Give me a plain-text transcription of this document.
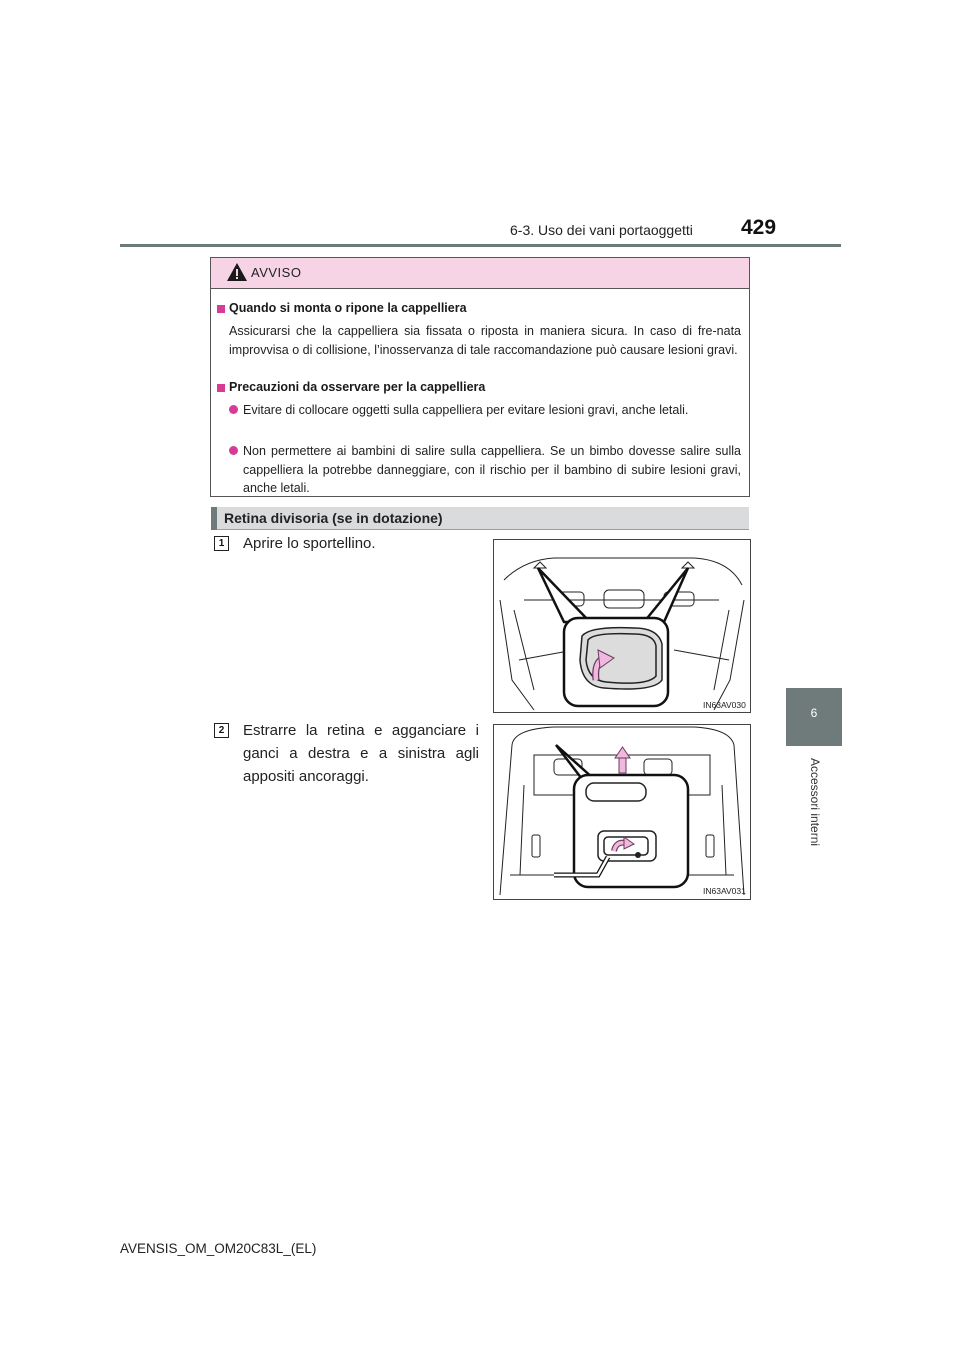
6-3. Uso dei vani portaoggetti 429
6
Accessori interni
AVVISO
Quando si monta o ripone la cappelliera
Assicurarsi che la cappelliera sia fissata o riposta in maniera sicura. In caso di fre-nata improvvisa o di collisione, l’inosservanza di tale raccomandazione può causare lesioni gravi.
Precauzioni da osservare per la cappelliera
Evitare di collocare oggetti sulla cappelliera per evitare lesioni gravi, anche letali.
Non permettere ai bambini di salire sulla cappelliera. Se un bimbo dovesse salire sulla cappelliera la potrebbe danneggiare, con il rischio per il bambino di subire lesioni gravi, anche letali.
Retina divisoria (se in dotazione)
1	Aprire lo sportellino.
IN63AV030
2	Estrarre la retina e agganciare i ganci a destra e a sinistra agli appositi ancoraggi.
IN63AV031
AVENSIS_OM_OM20C83L_(EL)
